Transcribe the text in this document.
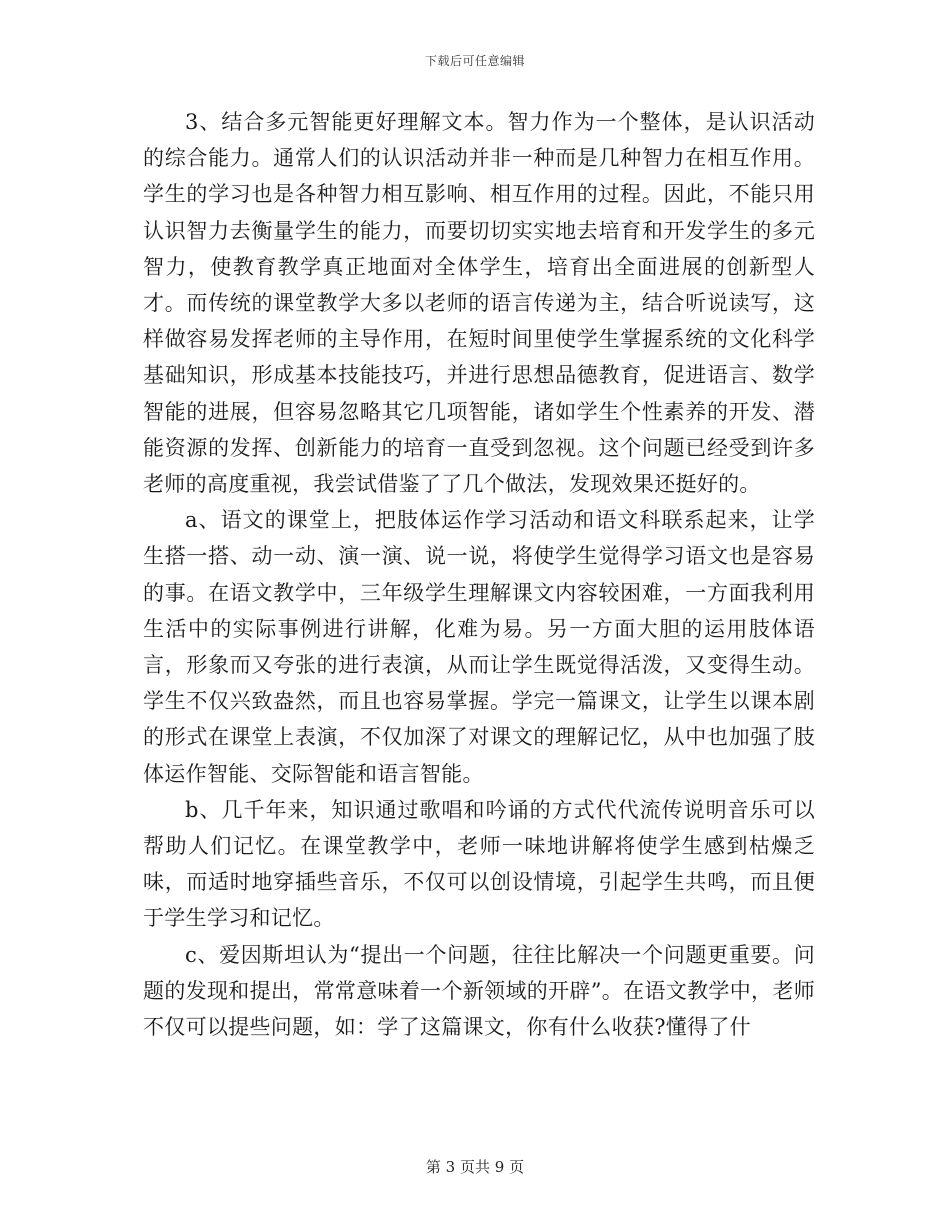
下载后可任意编辑

3、结合多元智能更好理解文本。智力作为一个整体，是认识活动的综合能力。通常人们的认识活动并非一种而是几种智力在相互作用。学生的学习也是各种智力相互影响、相互作用的过程。因此，不能只用认识智力去衡量学生的能力，而要切切实实地去培育和开发学生的多元智力，使教育教学真正地面对全体学生，培育出全面进展的创新型人才。而传统的课堂教学大多以老师的语言传递为主，结合听说读写，这样做容易发挥老师的主导作用，在短时间里使学生掌握系统的文化科学基础知识，形成基本技能技巧，并进行思想品德教育，促进语言、数学智能的进展，但容易忽略其它几项智能，诸如学生个性素养的开发、潜能资源的发挥、创新能力的培育一直受到忽视。这个问题已经受到许多老师的高度重视，我尝试借鉴了了几个做法，发现效果还挺好的。

a、语文的课堂上，把肢体运作学习活动和语文科联系起来，让学生搭一搭、动一动、演一演、说一说，将使学生觉得学习语文也是容易的事。在语文教学中，三年级学生理解课文内容较困难，一方面我利用生活中的实际事例进行讲解，化难为易。另一方面大胆的运用肢体语言，形象而又夸张的进行表演，从而让学生既觉得活泼，又变得生动。学生不仅兴致盎然，而且也容易掌握。学完一篇课文，让学生以课本剧的形式在课堂上表演，不仅加深了对课文的理解记忆，从中也加强了肢体运作智能、交际智能和语言智能。

b、几千年来，知识通过歌唱和吟诵的方式代代流传说明音乐可以帮助人们记忆。在课堂教学中，老师一味地讲解将使学生感到枯燥乏味，而适时地穿插些音乐，不仅可以创设情境，引起学生共鸣，而且便于学生学习和记忆。

c、爱因斯坦认为“提出一个问题，往往比解决一个问题更重要。问题的发现和提出，常常意味着一个新领域的开辟”。在语文教学中，老师不仅可以提些问题，如：学了这篇课文，你有什么收获?懂得了什

第 3 页共 9 页
